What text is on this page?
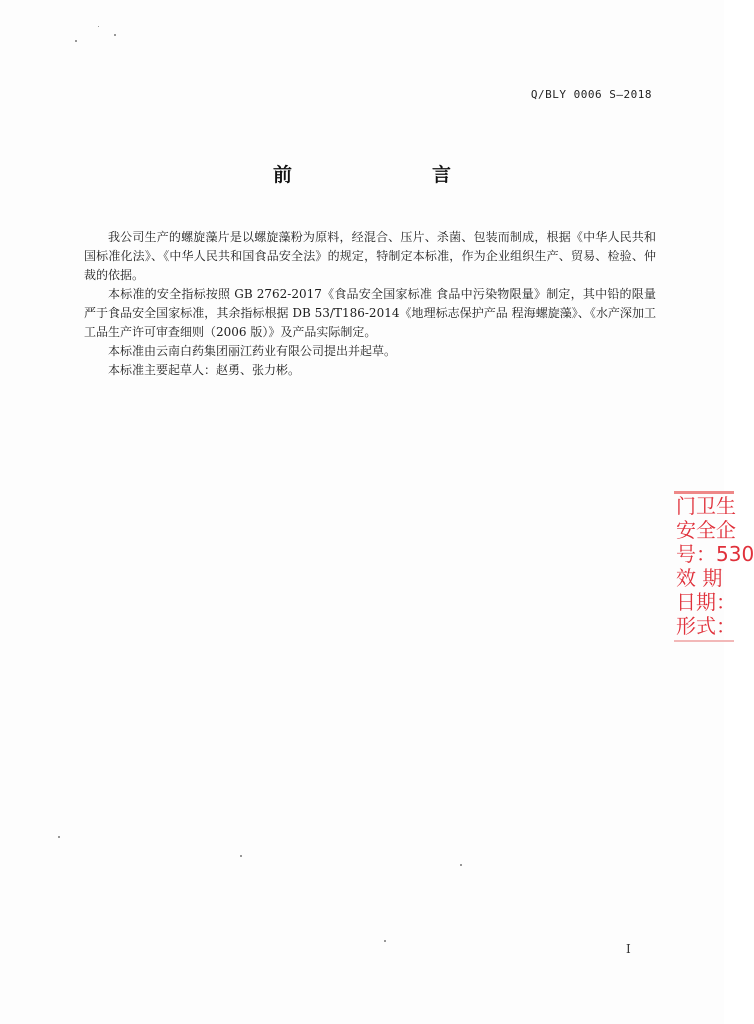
Q/BLY 0006 S—2018
前　　言

我公司生产的螺旋藻片是以螺旋藻粉为原料，经混合、压片、杀菌、包装而制成，根据《中华人民共和国标准化法》、《中华人民共和国食品安全法》的规定，特制定本标准，作为企业组织生产、贸易、检验、仲裁的依据。

本标准的安全指标按照 GB 2762-2017《食品安全国家标准 食品中污染物限量》制定，其中铅的限量严于食品安全国家标准，其余指标根据 DB 53/T186-2014《地理标志保护产品 程海螺旋藻》、《水产深加工工品生产许可审查细则（2006 版）》及产品实际制定。

本标准由云南白药集团丽江药业有限公司提出并起草。

本标准主要起草人：赵勇、张力彬。

门卫生
安全企
号：530
效 期
日期：
形式：
I
